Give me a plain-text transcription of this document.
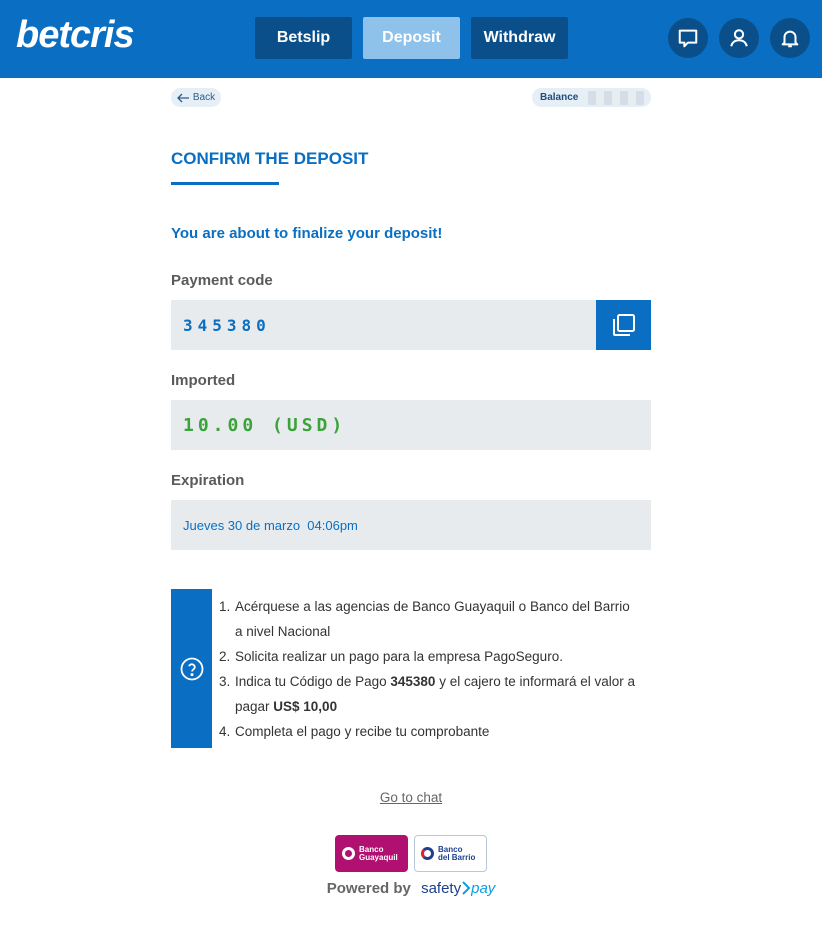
betcris	Betslip	Deposit	Withdraw
Back	Balance
CONFIRM THE DEPOSIT
You are about to finalize your deposit!
Payment code
345380
Imported
10.00 (USD)
Expiration
Jueves 30 de marzo  04:06pm
1. Acérquese a las agencias de Banco Guayaquil o Banco del Barrio a nivel Nacional
2. Solicita realizar un pago para la empresa PagoSeguro.
3. Indica tu Código de Pago 345380 y el cajero te informará el valor a pagar US$ 10,00
4. Completa el pago y recibe tu comprobante
Go to chat
Banco
Guayaquil
Banco
del Barrio
Powered by safety pay
